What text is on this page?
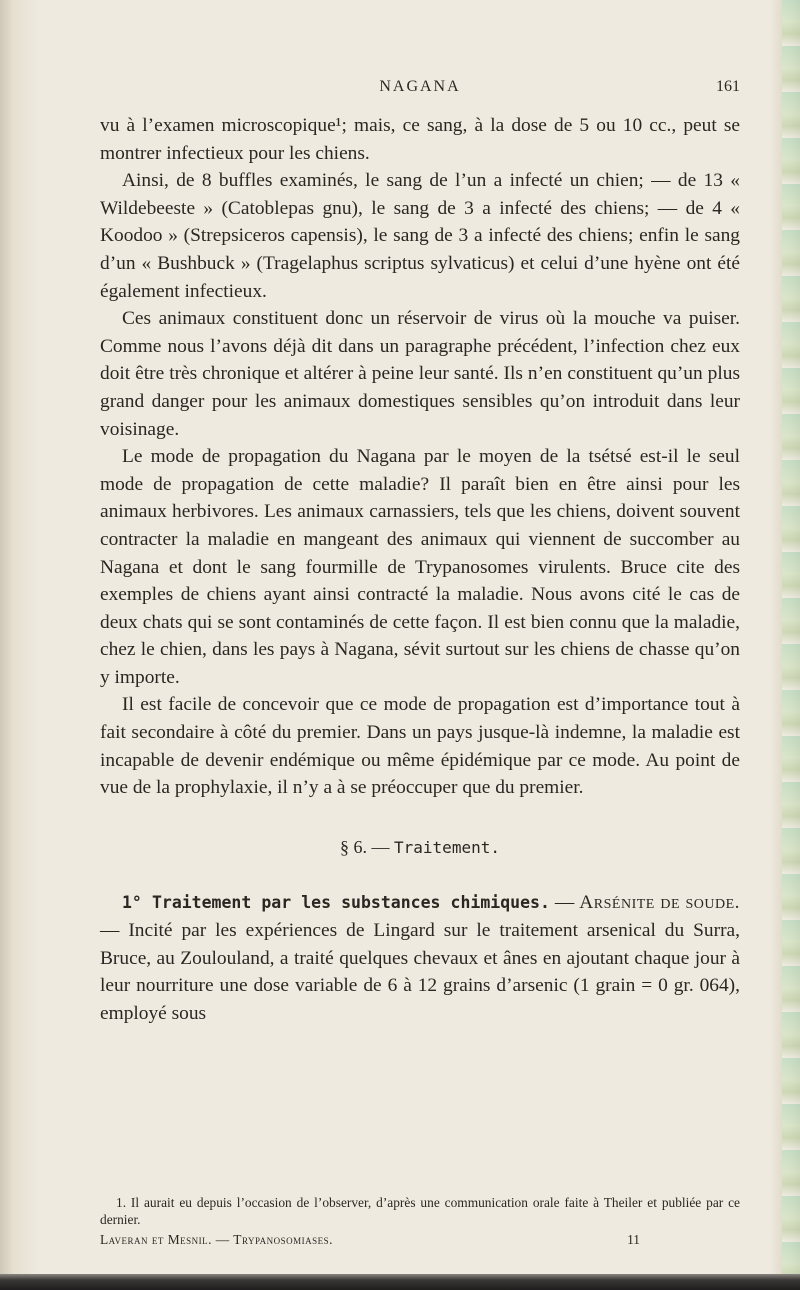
NAGANA	161

vu à l’examen microscopique¹; mais, ce sang, à la dose de 5 ou 10 cc., peut se montrer infectieux pour les chiens.

Ainsi, de 8 buffles examinés, le sang de l’un a infecté un chien; — de 13 « Wildebeeste » (Catoblepas gnu), le sang de 3 a infecté des chiens; — de 4 « Koodoo » (Strepsiceros capensis), le sang de 3 a infecté des chiens; enfin le sang d’un « Bushbuck » (Tragelaphus scriptus sylvaticus) et celui d’une hyène ont été également infectieux.

Ces animaux constituent donc un réservoir de virus où la mouche va puiser. Comme nous l’avons déjà dit dans un paragraphe précédent, l’infection chez eux doit être très chronique et altérer à peine leur santé. Ils n’en constituent qu’un plus grand danger pour les animaux domestiques sensibles qu’on introduit dans leur voisinage.

Le mode de propagation du Nagana par le moyen de la tsétsé est-il le seul mode de propagation de cette maladie? Il paraît bien en être ainsi pour les animaux herbivores. Les animaux carnassiers, tels que les chiens, doivent souvent contracter la maladie en mangeant des animaux qui viennent de succomber au Nagana et dont le sang fourmille de Trypanosomes virulents. Bruce cite des exemples de chiens ayant ainsi contracté la maladie. Nous avons cité le cas de deux chats qui se sont contaminés de cette façon. Il est bien connu que la maladie, chez le chien, dans les pays à Nagana, sévit surtout sur les chiens de chasse qu’on y importe.

Il est facile de concevoir que ce mode de propagation est d’importance tout à fait secondaire à côté du premier. Dans un pays jusque-là indemne, la maladie est incapable de devenir endémique ou même épidémique par ce mode. Au point de vue de la prophylaxie, il n’y a à se préoccuper que du premier.

§ 6. — Traitement.

1° Traitement par les substances chimiques. — Arsénite de soude. — Incité par les expériences de Lingard sur le traitement arsenical du Surra, Bruce, au Zoulouland, a traité quelques chevaux et ânes en ajoutant chaque jour à leur nourriture une dose variable de 6 à 12 grains d’arsenic (1 grain = 0 gr. 064), employé sous

1. Il aurait eu depuis l’occasion de l’observer, d’après une communication orale faite à Theiler et publiée par ce dernier.

Laveran et Mesnil. — Trypanosomiases.	11
